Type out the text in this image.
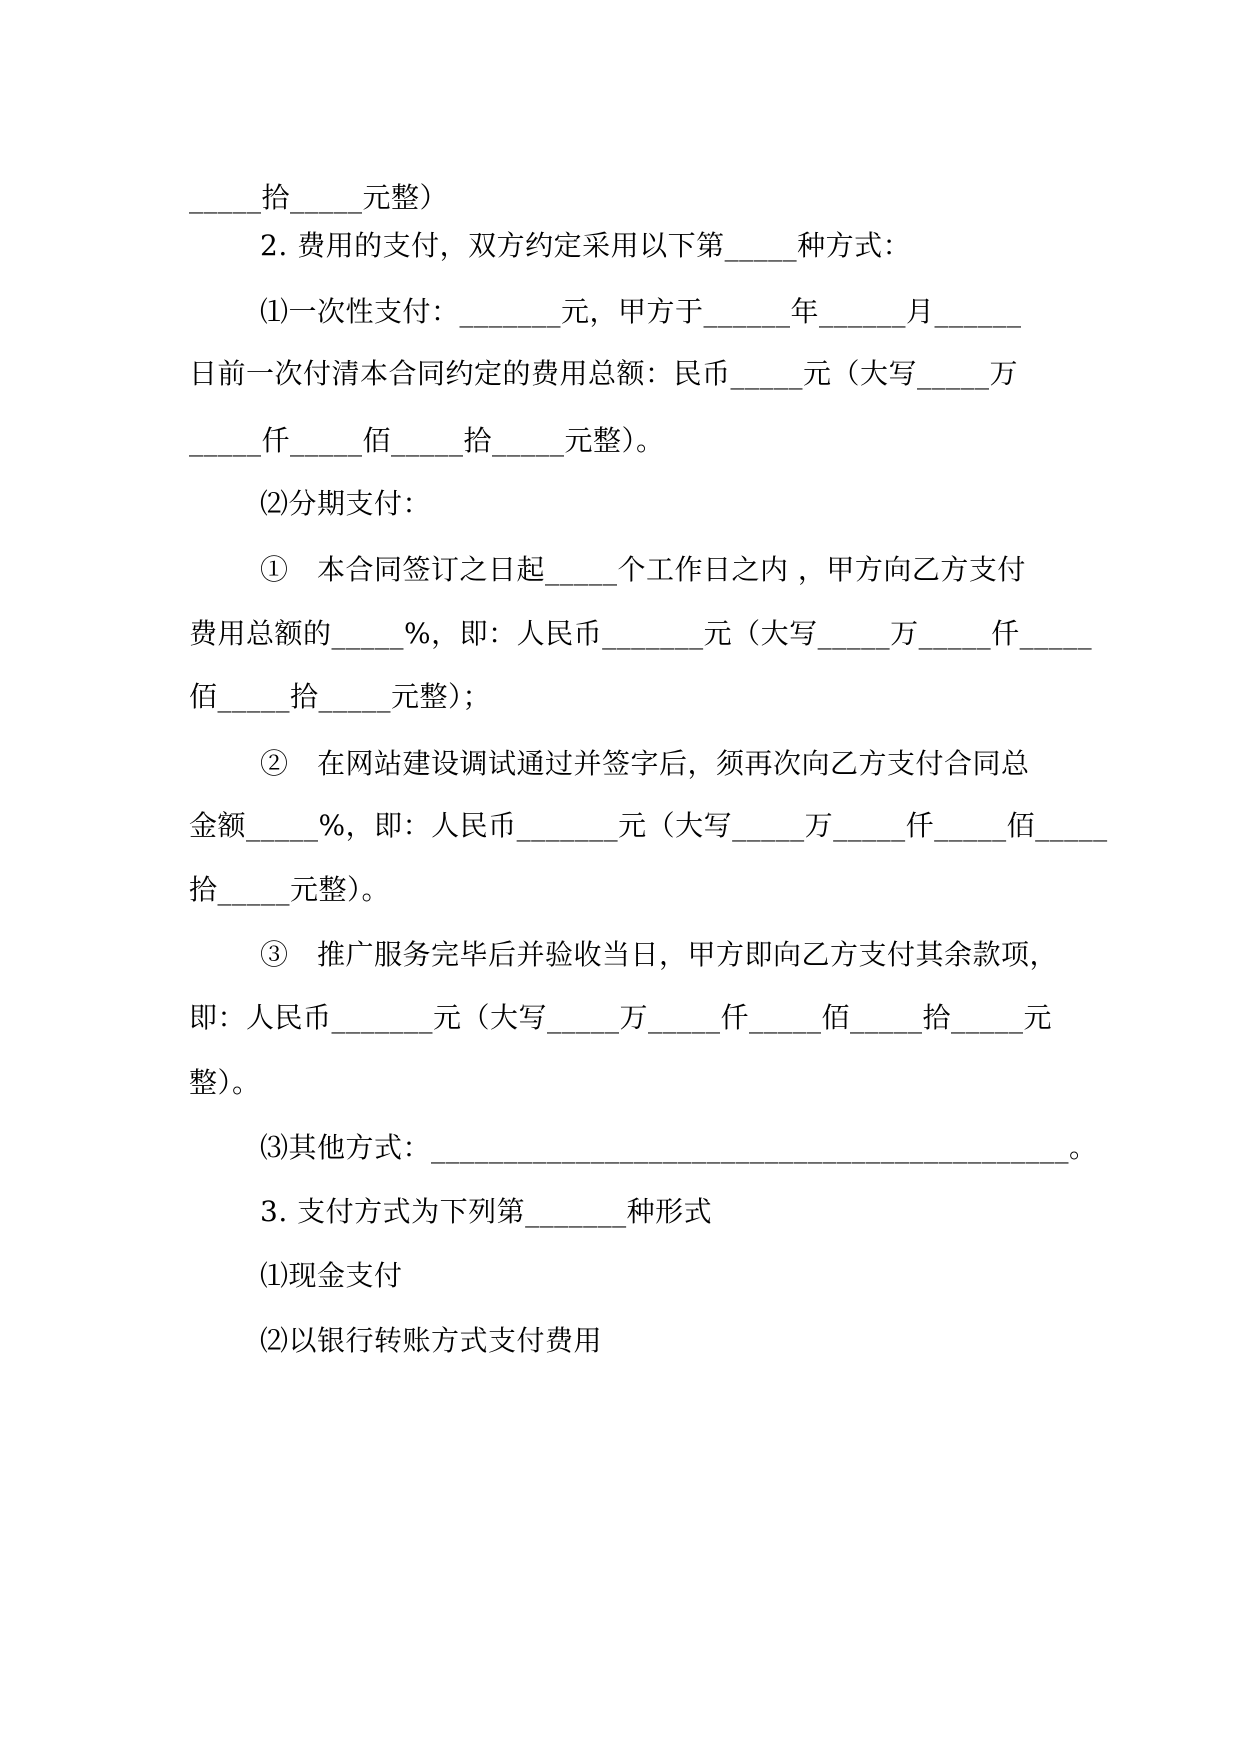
_____拾_____元整）
2. 费用的支付，双方约定采用以下第_____种方式：
⑴一次性支付：_______元，甲方于______年______月______
日前一次付清本合同约定的费用总额：民币_____元（大写_____万
_____仟_____佰_____拾_____元整）。
⑵分期支付：
①　本合同签订之日起_____个工作日之内 ，甲方向乙方支付
费用总额的_____%，即：人民币_______元（大写_____万_____仟_____
佰_____拾_____元整）；
②　在网站建设调试通过并签字后，须再次向乙方支付合同总
金额_____%，即：人民币_______元（大写_____万_____仟_____佰_____
拾_____元整）。
③　推广服务完毕后并验收当日，甲方即向乙方支付其余款项，
即：人民币_______元（大写_____万_____仟_____佰_____拾_____元
整）。
⑶其他方式：____________________________________________。
3. 支付方式为下列第_______种形式
⑴现金支付
⑵以银行转账方式支付费用
